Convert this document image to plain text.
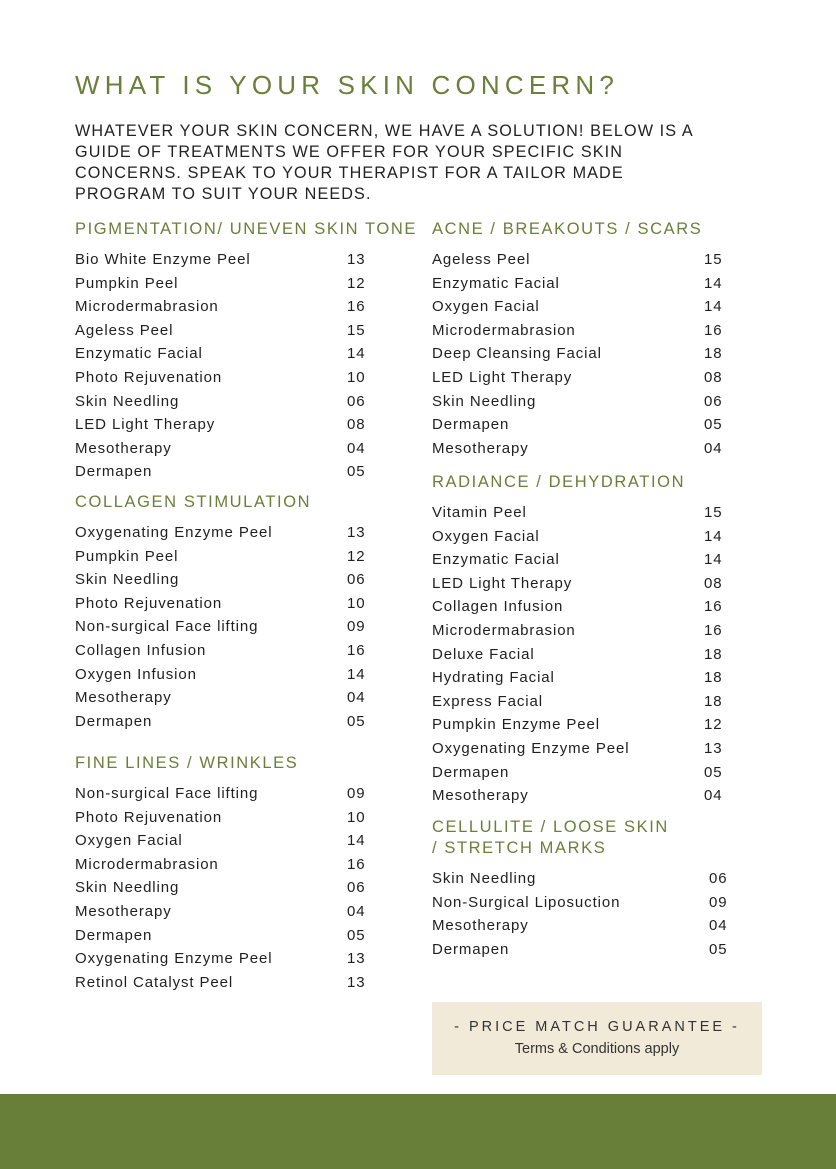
WHAT IS YOUR SKIN CONCERN?
WHATEVER YOUR SKIN CONCERN, WE HAVE A SOLUTION! BELOW IS A GUIDE OF TREATMENTS WE OFFER FOR YOUR SPECIFIC SKIN CONCERNS. SPEAK TO YOUR THERAPIST FOR A TAILOR MADE PROGRAM TO SUIT YOUR NEEDS.
PIGMENTATION/ UNEVEN SKIN TONE
Bio White Enzyme Peel	13
Pumpkin Peel	12
Microdermabrasion	16
Ageless Peel	15
Enzymatic Facial	14
Photo Rejuvenation	10
Skin Needling	06
LED Light Therapy	08
Mesotherapy	04
Dermapen	05
COLLAGEN STIMULATION
Oxygenating Enzyme Peel	13
Pumpkin Peel	12
Skin Needling	06
Photo Rejuvenation	10
Non-surgical Face lifting	09
Collagen Infusion	16
Oxygen Infusion	14
Mesotherapy	04
Dermapen	05
FINE LINES / WRINKLES
Non-surgical Face lifting	09
Photo Rejuvenation	10
Oxygen Facial	14
Microdermabrasion	16
Skin Needling	06
Mesotherapy	04
Dermapen	05
Oxygenating Enzyme Peel	13
Retinol Catalyst Peel	13
ACNE / BREAKOUTS / SCARS
Ageless Peel	15
Enzymatic Facial	14
Oxygen Facial	14
Microdermabrasion	16
Deep Cleansing Facial	18
LED Light Therapy	08
Skin Needling	06
Dermapen	05
Mesotherapy	04
RADIANCE / DEHYDRATION
Vitamin Peel	15
Oxygen Facial	14
Enzymatic Facial	14
LED Light Therapy	08
Collagen Infusion	16
Microdermabrasion	16
Deluxe Facial	18
Hydrating Facial	18
Express Facial	18
Pumpkin Enzyme Peel	12
Oxygenating Enzyme Peel	13
Dermapen	05
Mesotherapy	04
CELLULITE / LOOSE SKIN
/ STRETCH MARKS
Skin Needling	06
Non-Surgical Liposuction	09
Mesotherapy	04
Dermapen	05
- PRICE MATCH GUARANTEE -
Terms & Conditions apply
